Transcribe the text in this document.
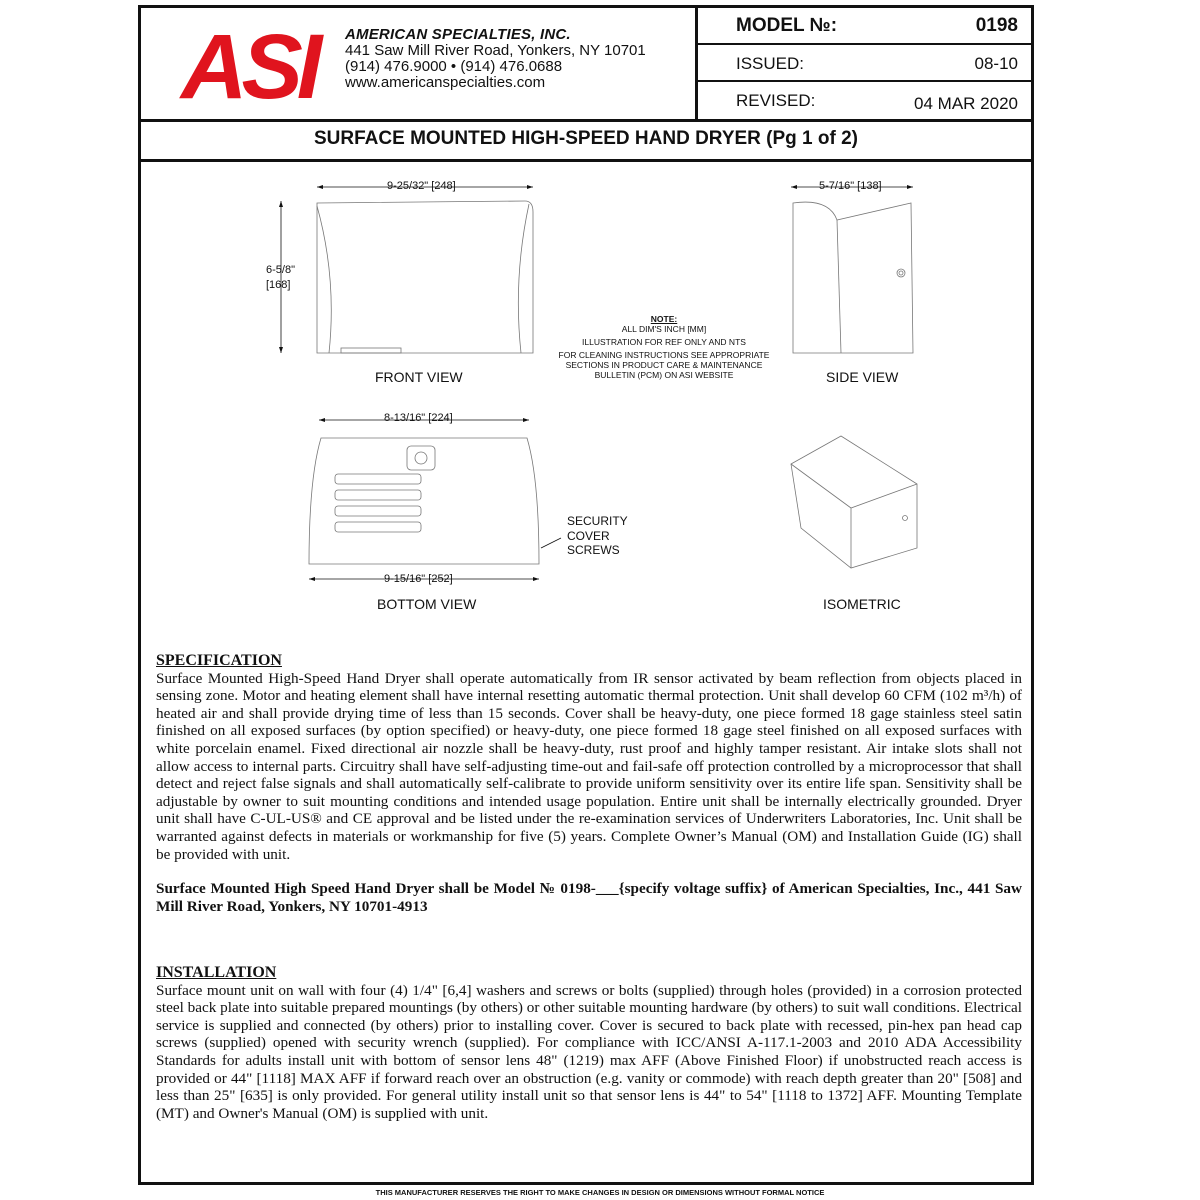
ASI	AMERICAN SPECIALTIES, INC.
441 Saw Mill River Road, Yonkers, NY 10701
(914) 476.9000 • (914) 476.0688
www.americanspecialties.com
MODEL №:	0198
ISSUED:	08-10
REVISED:	04 MAR 2020
SURFACE MOUNTED HIGH-SPEED HAND DRYER (Pg 1 of 2)
9-25/32" [248]
6-5/8"
[168]
FRONT VIEW
5-7/16" [138]
SIDE VIEW
8-13/16" [224]
9-15/16" [252]
BOTTOM VIEW
SECURITY
COVER
SCREWS
ISOMETRIC
NOTE:
ALL DIM'S INCH [MM]
ILLUSTRATION FOR REF ONLY AND NTS
FOR CLEANING INSTRUCTIONS SEE APPROPRIATE SECTIONS IN PRODUCT CARE & MAINTENANCE BULLETIN (PCM) ON ASI WEBSITE
SPECIFICATION
Surface Mounted High-Speed Hand Dryer shall operate automatically from IR sensor activated by beam reflection from objects placed in sensing zone. Motor and heating element shall have internal resetting automatic thermal protection. Unit shall develop 60 CFM (102 m³/h) of heated air and shall provide drying time of less than 15 seconds. Cover shall be heavy-duty, one piece formed 18 gage stainless steel satin finished on all exposed surfaces (by option specified) or heavy-duty, one piece formed 18 gage steel finished on all exposed surfaces with white porcelain enamel. Fixed directional air nozzle shall be heavy-duty, rust proof and highly tamper resistant. Air intake slots shall not allow access to internal parts. Circuitry shall have self-adjusting time-out and fail-safe off protection controlled by a microprocessor that shall detect and reject false signals and shall automatically self-calibrate to provide uniform sensitivity over its entire life span. Sensitivity shall be adjustable by owner to suit mounting conditions and intended usage population. Entire unit shall be internally electrically grounded. Dryer unit shall have C-UL-US® and CE approval and be listed under the re-examination services of Underwriters Laboratories, Inc. Unit shall be warranted against defects in materials or workmanship for five (5) years. Complete Owner’s Manual (OM) and Installation Guide (IG) shall be provided with unit.
Surface Mounted High Speed Hand Dryer shall be Model № 0198-___{specify voltage suffix} of American Specialties, Inc., 441 Saw Mill River Road, Yonkers, NY 10701-4913
INSTALLATION
Surface mount unit on wall with four (4) 1/4" [6,4] washers and screws or bolts (supplied) through holes (provided) in a corrosion protected steel back plate into suitable prepared mountings (by others) or other suitable mounting hardware (by others) to suit wall conditions. Electrical service is supplied and connected (by others) prior to installing cover. Cover is secured to back plate with recessed, pin-hex pan head cap screws (supplied) opened with security wrench (supplied). For compliance with ICC/ANSI A-117.1-2003 and 2010 ADA Accessibility Standards for adults install unit with bottom of sensor lens 48" (1219) max AFF (Above Finished Floor) if unobstructed reach access is provided or 44" [1118] MAX AFF if forward reach over an obstruction (e.g. vanity or commode) with reach depth greater than 20" [508] and less than 25" [635] is only provided. For general utility install unit so that sensor lens is 44" to 54" [1118 to 1372] AFF. Mounting Template (MT) and Owner's Manual (OM) is supplied with unit.
THIS MANUFACTURER RESERVES THE RIGHT TO MAKE CHANGES IN DESIGN OR DIMENSIONS WITHOUT FORMAL NOTICE
